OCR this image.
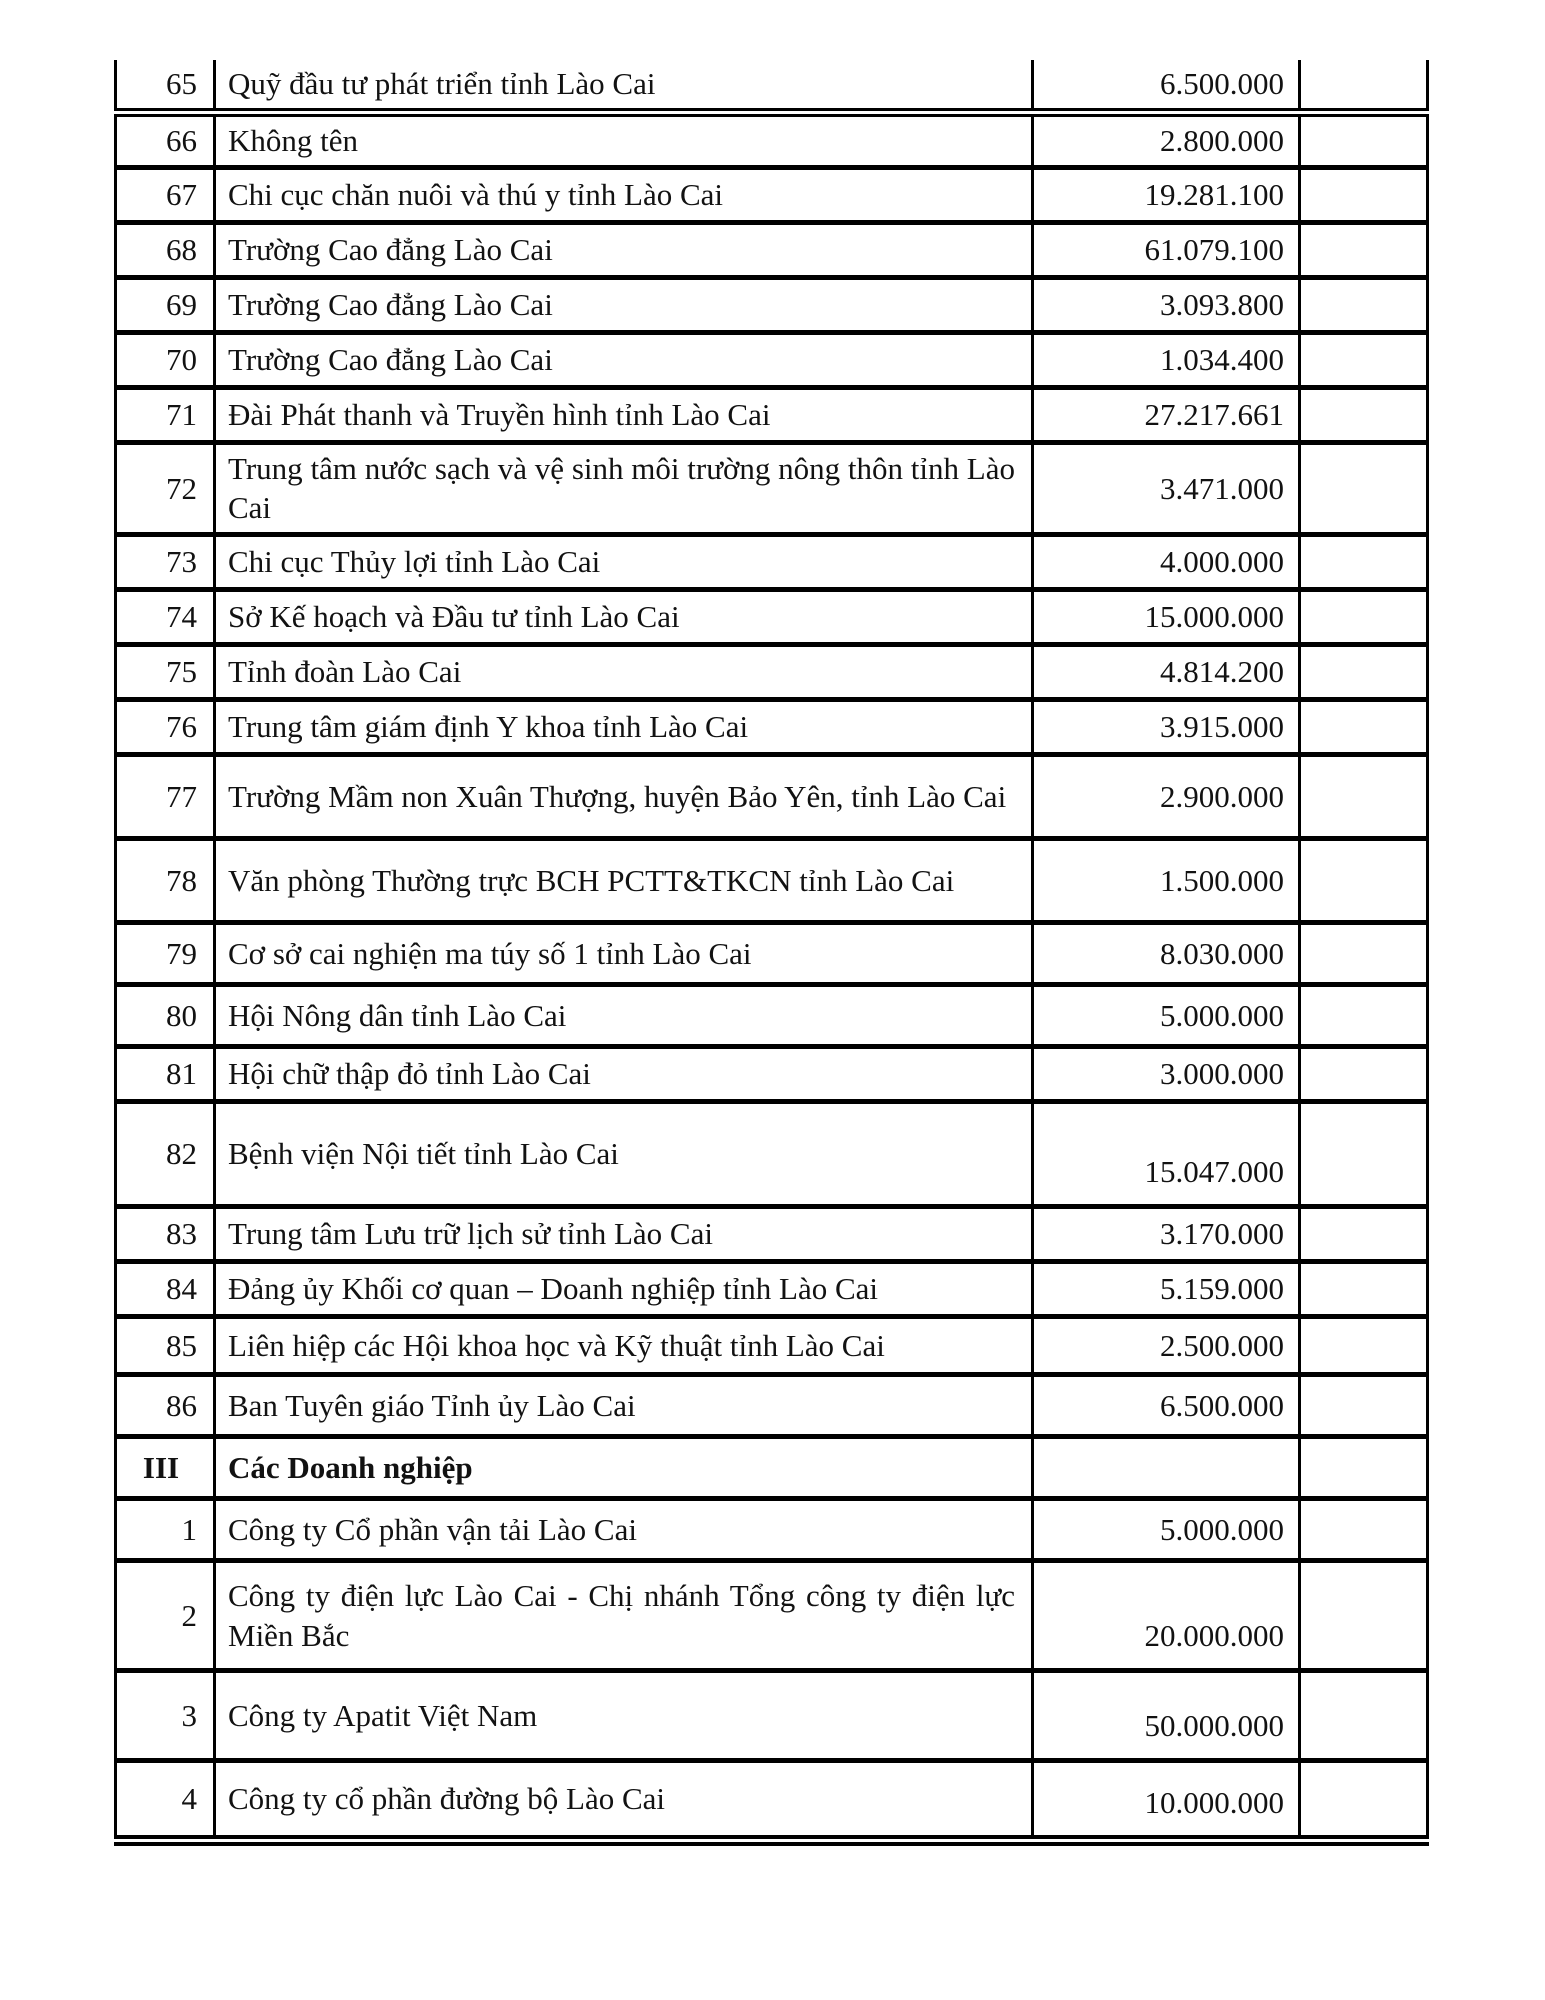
65	Quỹ đầu tư phát triển tỉnh Lào Cai	6.500.000	
66	Không tên	2.800.000	
67	Chi cục chăn nuôi và thú y tỉnh Lào Cai	19.281.100	
68	Trường Cao đẳng Lào Cai	61.079.100	
69	Trường Cao đẳng Lào Cai	3.093.800	
70	Trường Cao đẳng Lào Cai	1.034.400	
71	Đài Phát thanh và Truyền hình tỉnh Lào Cai	27.217.661	
72	Trung tâm nước sạch và vệ sinh môi trường nông thôn tỉnh Lào Cai	3.471.000	
73	Chi cục Thủy lợi tỉnh Lào Cai	4.000.000	
74	Sở Kế hoạch và Đầu tư tỉnh Lào Cai	15.000.000	
75	Tỉnh đoàn Lào Cai	4.814.200	
76	Trung tâm giám định Y khoa tỉnh Lào Cai	3.915.000	
77	Trường Mầm non Xuân Thượng, huyện Bảo Yên, tỉnh Lào Cai	2.900.000	
78	Văn phòng Thường trực BCH PCTT&TKCN tỉnh Lào Cai	1.500.000	
79	Cơ sở cai nghiện ma túy số 1 tỉnh Lào Cai	8.030.000	
80	Hội Nông dân tỉnh Lào Cai	5.000.000	
81	Hội chữ thập đỏ tỉnh Lào Cai	3.000.000	
82	Bệnh viện Nội tiết tỉnh Lào Cai	15.047.000	
83	Trung tâm Lưu trữ lịch sử tỉnh Lào Cai	3.170.000	
84	Đảng ủy Khối cơ quan – Doanh nghiệp tỉnh Lào Cai	5.159.000	
85	Liên hiệp các Hội khoa học và Kỹ thuật tỉnh Lào Cai	2.500.000	
86	Ban Tuyên giáo Tỉnh ủy Lào Cai	6.500.000	
III	Các Doanh nghiệp		
1	Công ty Cổ phần vận tải Lào Cai	5.000.000	
2	Công ty điện lực Lào Cai - Chị nhánh Tổng công ty điện lực Miền Bắc	20.000.000	
3	Công ty Apatit Việt Nam	50.000.000	
4	Công ty cổ phần đường bộ Lào Cai	10.000.000	
